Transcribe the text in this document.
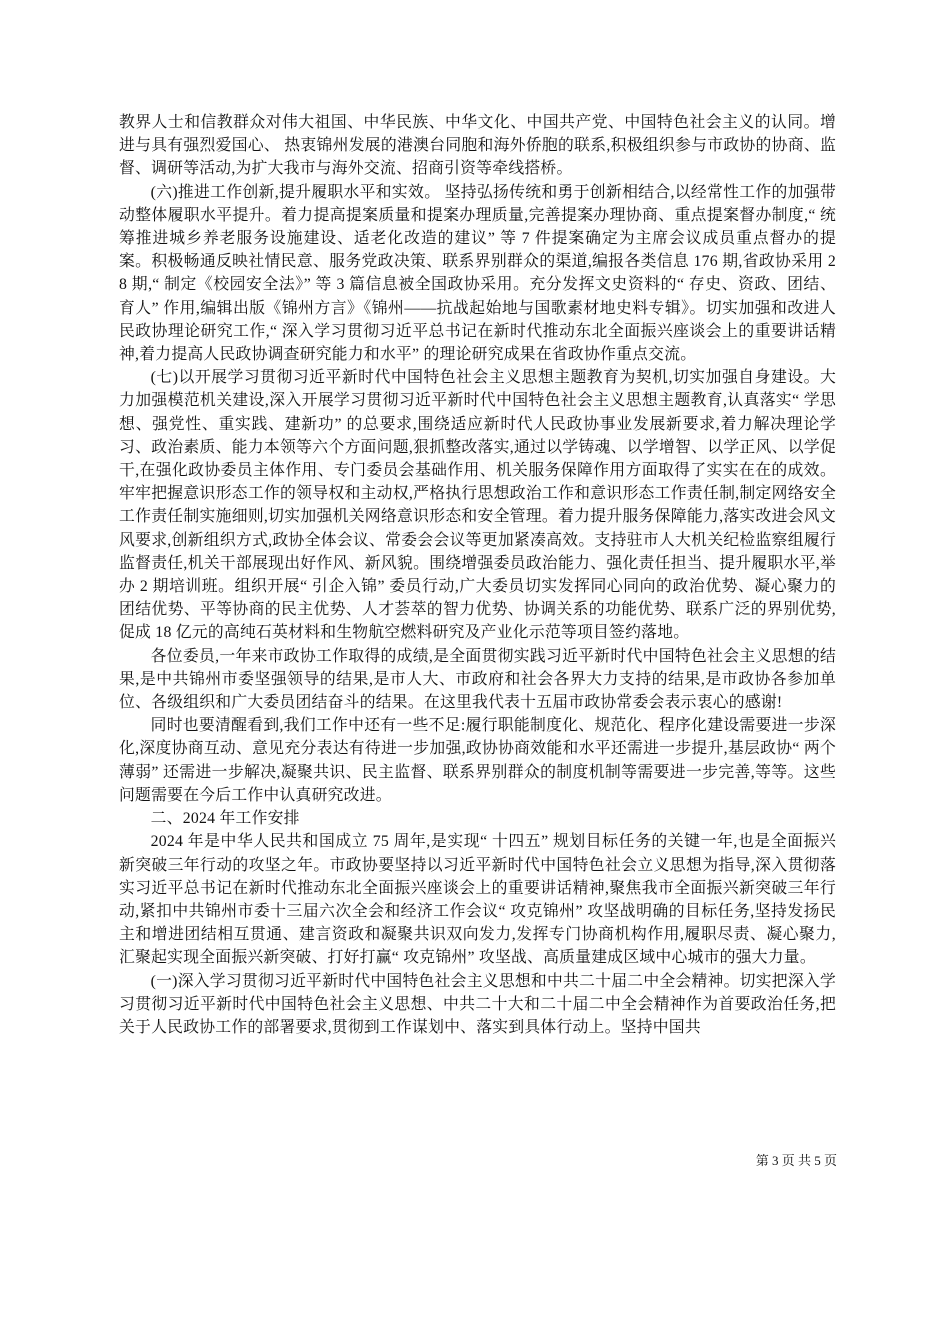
教界人士和信教群众对伟大祖国、中华民族、中华文化、中国共产党、中国特色社会主义的认同。增进与具有强烈爱国心、 热衷锦州发展的港澳台同胞和海外侨胞的联系,积极组织参与市政协的协商、监督、调研等活动,为扩大我市与海外交流、招商引资等牵线搭桥。

(六)推进工作创新,提升履职水平和实效。 坚持弘扬传统和勇于创新相结合,以经常性工作的加强带动整体履职水平提升。着力提高提案质量和提案办理质量,完善提案办理协商、重点提案督办制度,“ 统筹推进城乡养老服务设施建设、适老化改造的建议” 等 7 件提案确定为主席会议成员重点督办的提案。积极畅通反映社情民意、服务党政决策、联系界别群众的渠道,编报各类信息 176 期,省政协采用 28 期,“ 制定《校园安全法》” 等 3 篇信息被全国政协采用。充分发挥文史资料的“ 存史、资政、团结、育人” 作用,编辑出版《锦州方言》《锦州——抗战起始地与国歌素材地史料专辑》。切实加强和改进人民政协理论研究工作,“ 深入学习贯彻习近平总书记在新时代推动东北全面振兴座谈会上的重要讲话精神,着力提高人民政协调查研究能力和水平” 的理论研究成果在省政协作重点交流。

(七)以开展学习贯彻习近平新时代中国特色社会主义思想主题教育为契机,切实加强自身建设。大力加强模范机关建设,深入开展学习贯彻习近平新时代中国特色社会主义思想主题教育,认真落实“ 学思想、强党性、重实践、建新功” 的总要求,围绕适应新时代人民政协事业发展新要求,着力解决理论学习、政治素质、能力本领等六个方面问题,狠抓整改落实,通过以学铸魂、以学增智、以学正风、以学促干,在强化政协委员主体作用、专门委员会基础作用、机关服务保障作用方面取得了实实在在的成效。 牢牢把握意识形态工作的领导权和主动权,严格执行思想政治工作和意识形态工作责任制,制定网络安全工作责任制实施细则,切实加强机关网络意识形态和安全管理。着力提升服务保障能力,落实改进会风文风要求,创新组织方式,政协全体会议、常委会会议等更加紧凑高效。支持驻市人大机关纪检监察组履行监督责任,机关干部展现出好作风、新风貌。围绕增强委员政治能力、强化责任担当、提升履职水平,举办 2 期培训班。组织开展“ 引企入锦” 委员行动,广大委员切实发挥同心同向的政治优势、凝心聚力的团结优势、平等协商的民主优势、人才荟萃的智力优势、协调关系的功能优势、联系广泛的界别优势,促成 18 亿元的高纯石英材料和生物航空燃料研究及产业化示范等项目签约落地。

各位委员,一年来市政协工作取得的成绩,是全面贯彻实践习近平新时代中国特色社会主义思想的结果,是中共锦州市委坚强领导的结果,是市人大、市政府和社会各界大力支持的结果,是市政协各参加单位、各级组织和广大委员团结奋斗的结果。在这里我代表十五届市政协常委会表示衷心的感谢!

同时也要清醒看到,我们工作中还有一些不足:履行职能制度化、规范化、程序化建设需要进一步深化,深度协商互动、意见充分表达有待进一步加强,政协协商效能和水平还需进一步提升,基层政协“ 两个薄弱” 还需进一步解决,凝聚共识、民主监督、联系界别群众的制度机制等需要进一步完善,等等。这些问题需要在今后工作中认真研究改进。

二、2024 年工作安排

2024 年是中华人民共和国成立 75 周年,是实现“ 十四五” 规划目标任务的关键一年,也是全面振兴新突破三年行动的攻坚之年。市政协要坚持以习近平新时代中国特色社会立义思想为指导,深入贯彻落实习近平总书记在新时代推动东北全面振兴座谈会上的重要讲话精神,聚焦我市全面振兴新突破三年行动,紧扣中共锦州市委十三届六次全会和经济工作会议“ 攻克锦州” 攻坚战明确的目标任务,坚持发扬民主和增进团结相互贯通、建言资政和凝聚共识双向发力,发挥专门协商机构作用,履职尽责、凝心聚力,汇聚起实现全面振兴新突破、打好打赢“ 攻克锦州” 攻坚战、高质量建成区域中心城市的强大力量。

(一)深入学习贯彻习近平新时代中国特色社会主义思想和中共二十届二中全会精神。切实把深入学习贯彻习近平新时代中国特色社会主义思想、中共二十大和二十届二中全会精神作为首要政治任务,把关于人民政协工作的部署要求,贯彻到工作谋划中、落实到具体行动上。坚持中国共

第 3 页 共 5 页
